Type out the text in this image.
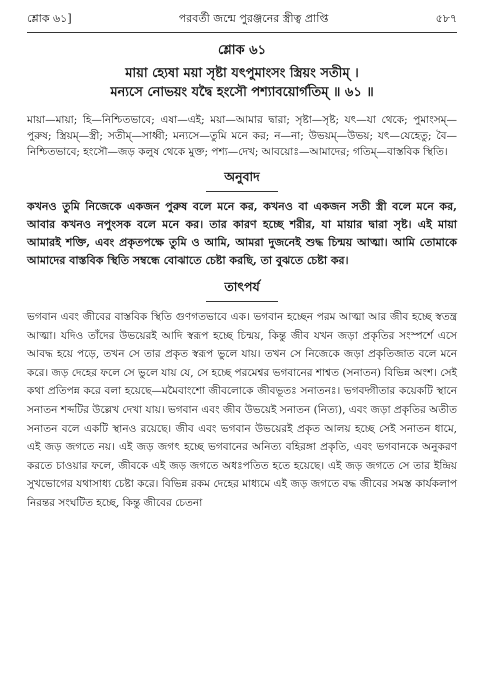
শ্লোক ৬১]	পরবর্তী জন্মে পুরঞ্জনের স্ত্রীত্ব প্রাপ্তি	৫৮৭
শ্লোক ৬১
মায়া হ্যেষা ময়া সৃষ্টা যৎপুমাংসং স্ত্রিয়ং সতীম্ ।
মন্যসে নোভয়ং যদ্বৈ হংসৌ পশ্যাবয়োর্গতিম্ ॥ ৬১ ॥

মায়া—মায়া; হি—নিশ্চিতভাবে; এষা—এই; ময়া—আমার দ্বারা; সৃষ্টা—সৃষ্ট; যৎ—যা থেকে; পুমাংসম্—পুরুষ; স্ত্রিয়ম্—স্ত্রী; সতীম্—সাধ্বী; মন্যসে—তুমি মনে কর; ন—না; উভয়ম্—উভয়; যৎ—যেহেতু; বৈ—নিশ্চিতভাবে; হংসৌ—জড় কলুষ থেকে মুক্ত; পশ্য—দেখ; আবয়োঃ—আমাদের; গতিম্—বাস্তবিক স্থিতি।

অনুবাদ

কখনও তুমি নিজেকে একজন পুরুষ বলে মনে কর, কখনও বা একজন সতী স্ত্রী বলে মনে কর, আবার কখনও নপুংসক বলে মনে কর। তার কারণ হচ্ছে শরীর, যা মায়ার দ্বারা সৃষ্ট। এই মায়া আমারই শক্তি, এবং প্রকৃতপক্ষে তুমি ও আমি, আমরা দুজনেই শুদ্ধ চিন্ময় আত্মা। আমি তোমাকে আমাদের বাস্তবিক স্থিতি সম্বন্ধে বোঝাতে চেষ্টা করছি, তা বুঝতে চেষ্টা কর।

তাৎপর্য

ভগবান এবং জীবের বাস্তবিক স্থিতি গুণগতভাবে এক। ভগবান হচ্ছেন পরম আত্মা আর জীব হচ্ছে স্বতন্ত্র আত্মা। যদিও তাঁদের উভয়েরই আদি স্বরূপ হচ্ছে চিন্ময়, কিন্তু জীব যখন জড়া প্রকৃতির সংস্পর্শে এসে আবদ্ধ হয়ে পড়ে, তখন সে তার প্রকৃত স্বরূপ ভুলে যায়। তখন সে নিজেকে জড়া প্রকৃতিজাত বলে মনে করে। জড় দেহের ফলে সে ভুলে যায় যে, সে হচ্ছে পরমেশ্বর ভগবানের শাশ্বত (সনাতন) বিভিন্ন অংশ। সেই কথা প্রতিপন্ন করে বলা হয়েছে—মমৈবাংশো জীবলোকে জীবভূতঃ সনাতনঃ। ভগবদ্গীতার কয়েকটি স্থানে সনাতন শব্দটির উল্লেখ দেখা যায়। ভগবান এবং জীব উভয়েই সনাতন (নিত্য), এবং জড়া প্রকৃতির অতীত সনাতন বলে একটি স্থানও রয়েছে। জীব এবং ভগবান উভয়েরই প্রকৃত আলয় হচ্ছে সেই সনাতন ধামে, এই জড় জগতে নয়। এই জড় জগৎ হচ্ছে ভগবানের অনিত্য বহিরঙ্গা প্রকৃতি, এবং ভগবানকে অনুকরণ করতে চাওয়ার ফলে, জীবকে এই জড় জগতে অধঃপতিত হতে হয়েছে। এই জড় জগতে সে তার ইন্দ্রিয় সুখভোগের যথাসাধ্য চেষ্টা করে। বিভিন্ন রকম দেহের মাধ্যমে এই জড় জগতে বদ্ধ জীবের সমস্ত কার্যকলাপ নিরন্তর সংঘটিত হচ্ছে, কিন্তু জীবের চেতনা
